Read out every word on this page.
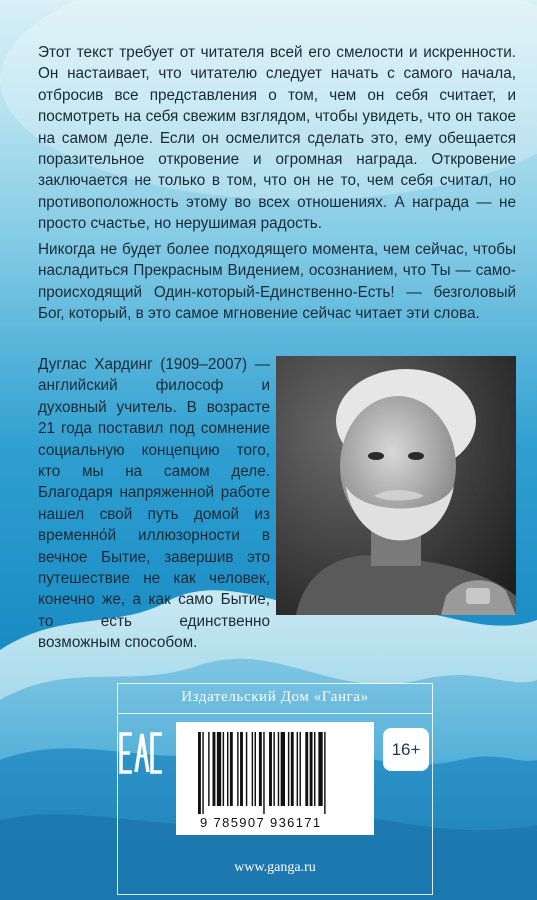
Этот текст требует от читателя всей его смелости и искренности. Он настаивает, что читателю следует начать с самого начала, отбросив все представления о том, чем он себя считает, и посмотреть на себя свежим взглядом, чтобы увидеть, что он такое на самом деле. Если он осмелится сделать это, ему обещается поразительное откровение и огромная награда. Откровение заключается не только в том, что он не то, чем себя считал, но противоположность этому во всех отношениях. А награда — не просто счастье, но нерушимая радость.
Никогда не будет более подходящего момента, чем сейчас, чтобы насладиться Прекрасным Видением, осознанием, что Ты — само-происходящий Один-который-Единственно-Есть! — безголовый Бог, который, в это самое мгновение сейчас читает эти слова.
Дуглас Хардинг (1909–2007) — английский философ и духовный учитель. В возрасте 21 года поставил под сомнение социальную концепцию того, кто мы на самом деле. Благодаря напряженной работе нашел свой путь домой из временно́й иллюзорности в вечное Бытие, завершив это путешествие не как человек, конечно же, а как само Бытие, то есть единственно возможным способом.
Издательский Дом «Ганга»
9 785907 936171
16+
www.ganga.ru
